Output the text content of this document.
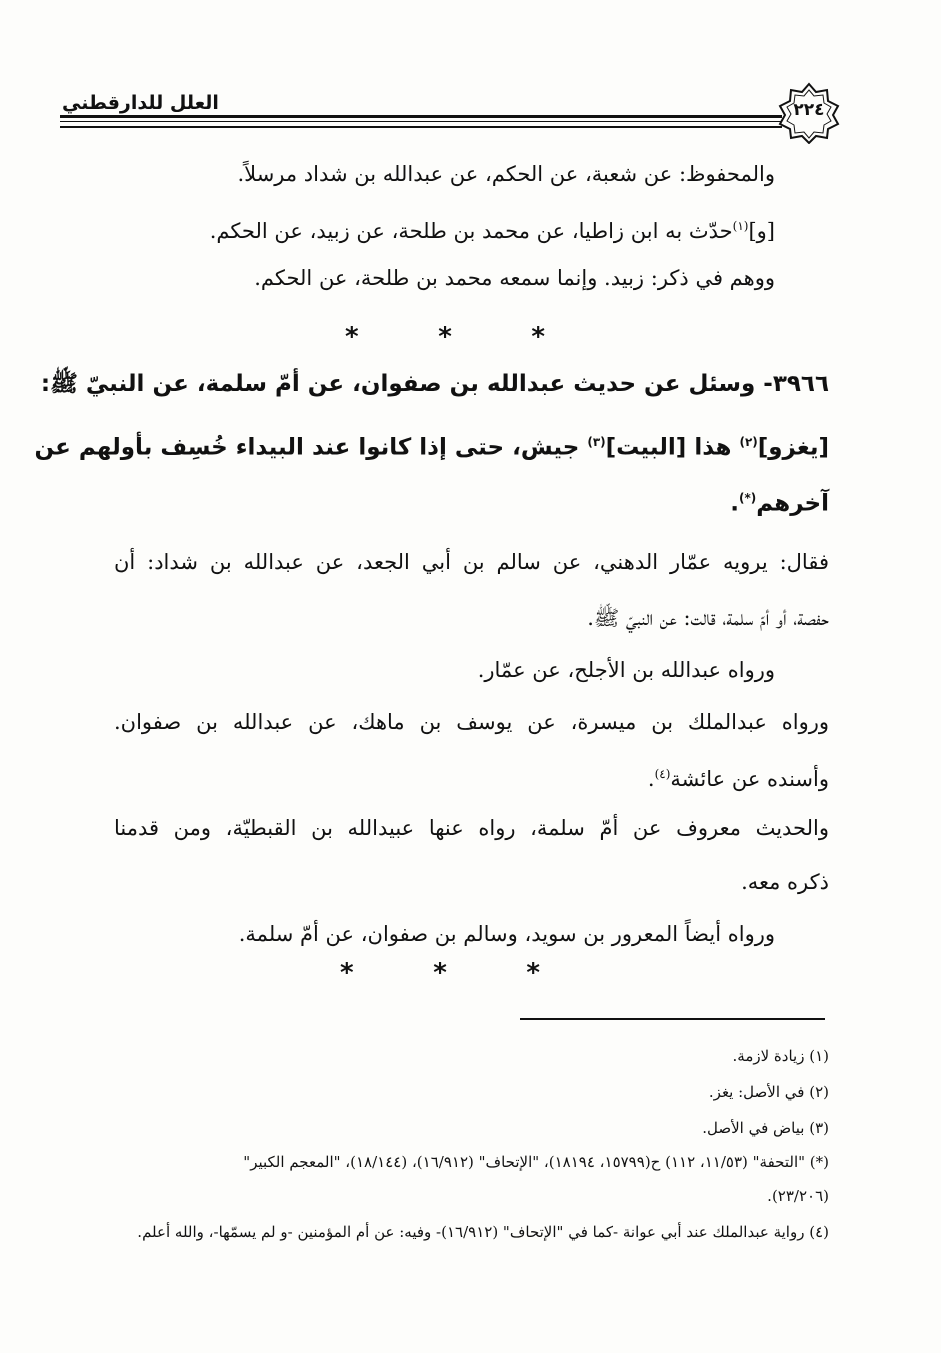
العلل للدارقطني	٢٢٤
والمحفوظ: عن شعبة، عن الحكم، عن عبدالله بن شداد مرسلاً.
[و]$^{(١)}$حدّث به ابن زاطيا، عن محمد بن طلحة، عن زبيد، عن الحكم.
ووهم في ذكر: زبيد. وإنما سمعه محمد بن طلحة، عن الحكم.
*	*	*
٣٩٦٦- وسئل عن حديث عبدالله بن صفوان، عن أمّ سلمة، عن النبيّ ﷺ:
[يغزو]$^{(٢)}$ هذا [البيت]$^{(٣)}$ جيش، حتى إذا كانوا عند البيداء خُسِف بأولهم عن
آخرهم(*).
فقال: يرويه عمّار الدهني، عن سالم بن أبي الجعد، عن عبدالله بن شداد: أن
حفصة، أو أمّ سلمة، قالت: عن النبيّ ﷺ.
ورواه عبدالله بن الأجلح، عن عمّار.
ورواه عبدالملك بن ميسرة، عن يوسف بن ماهك، عن عبدالله بن صفوان.
وأسنده عن عائشة$^{(٤)}$.
والحديث معروف عن أمّ سلمة، رواه عنها عبيدالله بن القبطيّة، ومن قدمنا
ذكره معه.
ورواه أيضاً المعرور بن سويد، وسالم بن صفوان، عن أمّ سلمة.
*	*	*
(١) زيادة لازمة.
(٢) في الأصل: يغز.
(٣) بياض في الأصل.
(*) "التحفة" (١١/٥٣، ١١٢) ح(١٥٧٩٩، ١٨١٩٤)، "الإتحاف" (١٦/٩١٢)، (١٨/١٤٤)، "المعجم الكبير"
(٢٣/٢٠٦).
(٤) رواية عبدالملك عند أبي عوانة -كما في "الإتحاف" (١٦/٩١٢)- وفيه: عن أم المؤمنين -و لم يسمّها-، والله أعلم.
